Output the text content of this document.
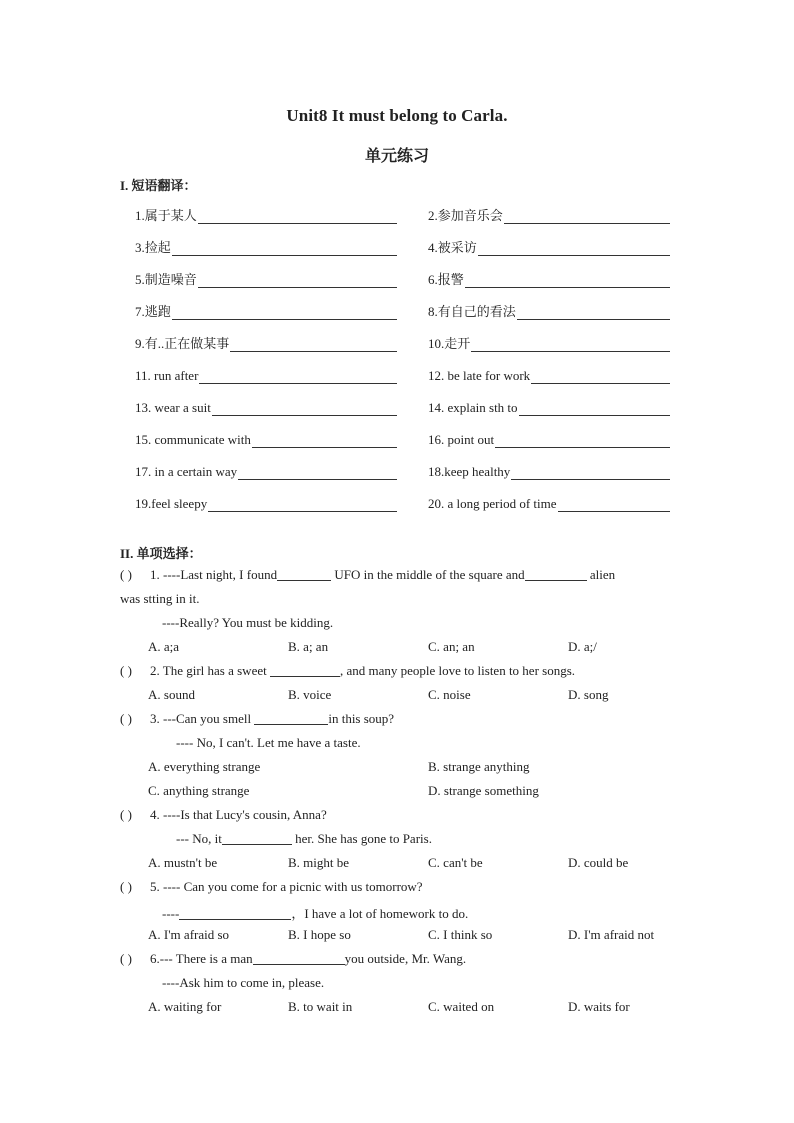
Unit8 It must belong to Carla.
单元练习
I. 短语翻译：
1.属于某人	2.参加音乐会
3.捡起	4.被采访
5.制造噪音	6.报警
7.逃跑	8.有自己的看法
9.有..正在做某事	10.走开
11. run after	12. be late for work
13. wear a suit	14. explain sth to
15. communicate with	16. point out
17. in a certain way	18.keep healthy
19.feel sleepy	20. a long period of time
II. 单项选择：
( ) 1. ----Last night, I found	UFO in the middle of the square and	alien
was stting in it.
----Really? You must be kidding.
A. a;a	B. a; an	C. an; an	D. a;/
( ) 2. The girl has a sweet	, and many people love to listen to her songs.
A. sound	B. voice	C. noise	D. song
( ) 3. ---Can you smell	in this soup?
---- No, I can't. Let me have a taste.
A. everything strange	B. strange anything
C. anything strange	D. strange something
( ) 4. ----Is that Lucy's cousin, Anna?
--- No, it	her. She has gone to Paris.
A. mustn't be	B. might be	C. can't be	D. could be
( ) 5. ---- Can you come for a picnic with us tomorrow?
----	，I have a lot of homework to do.
A. I'm afraid so	B. I hope so	C. I think so	D. I'm afraid not
( ) 6.--- There is a man	you outside, Mr. Wang.
----Ask him to come in, please.
A. waiting for	B. to wait in	C. waited on	D. waits for
